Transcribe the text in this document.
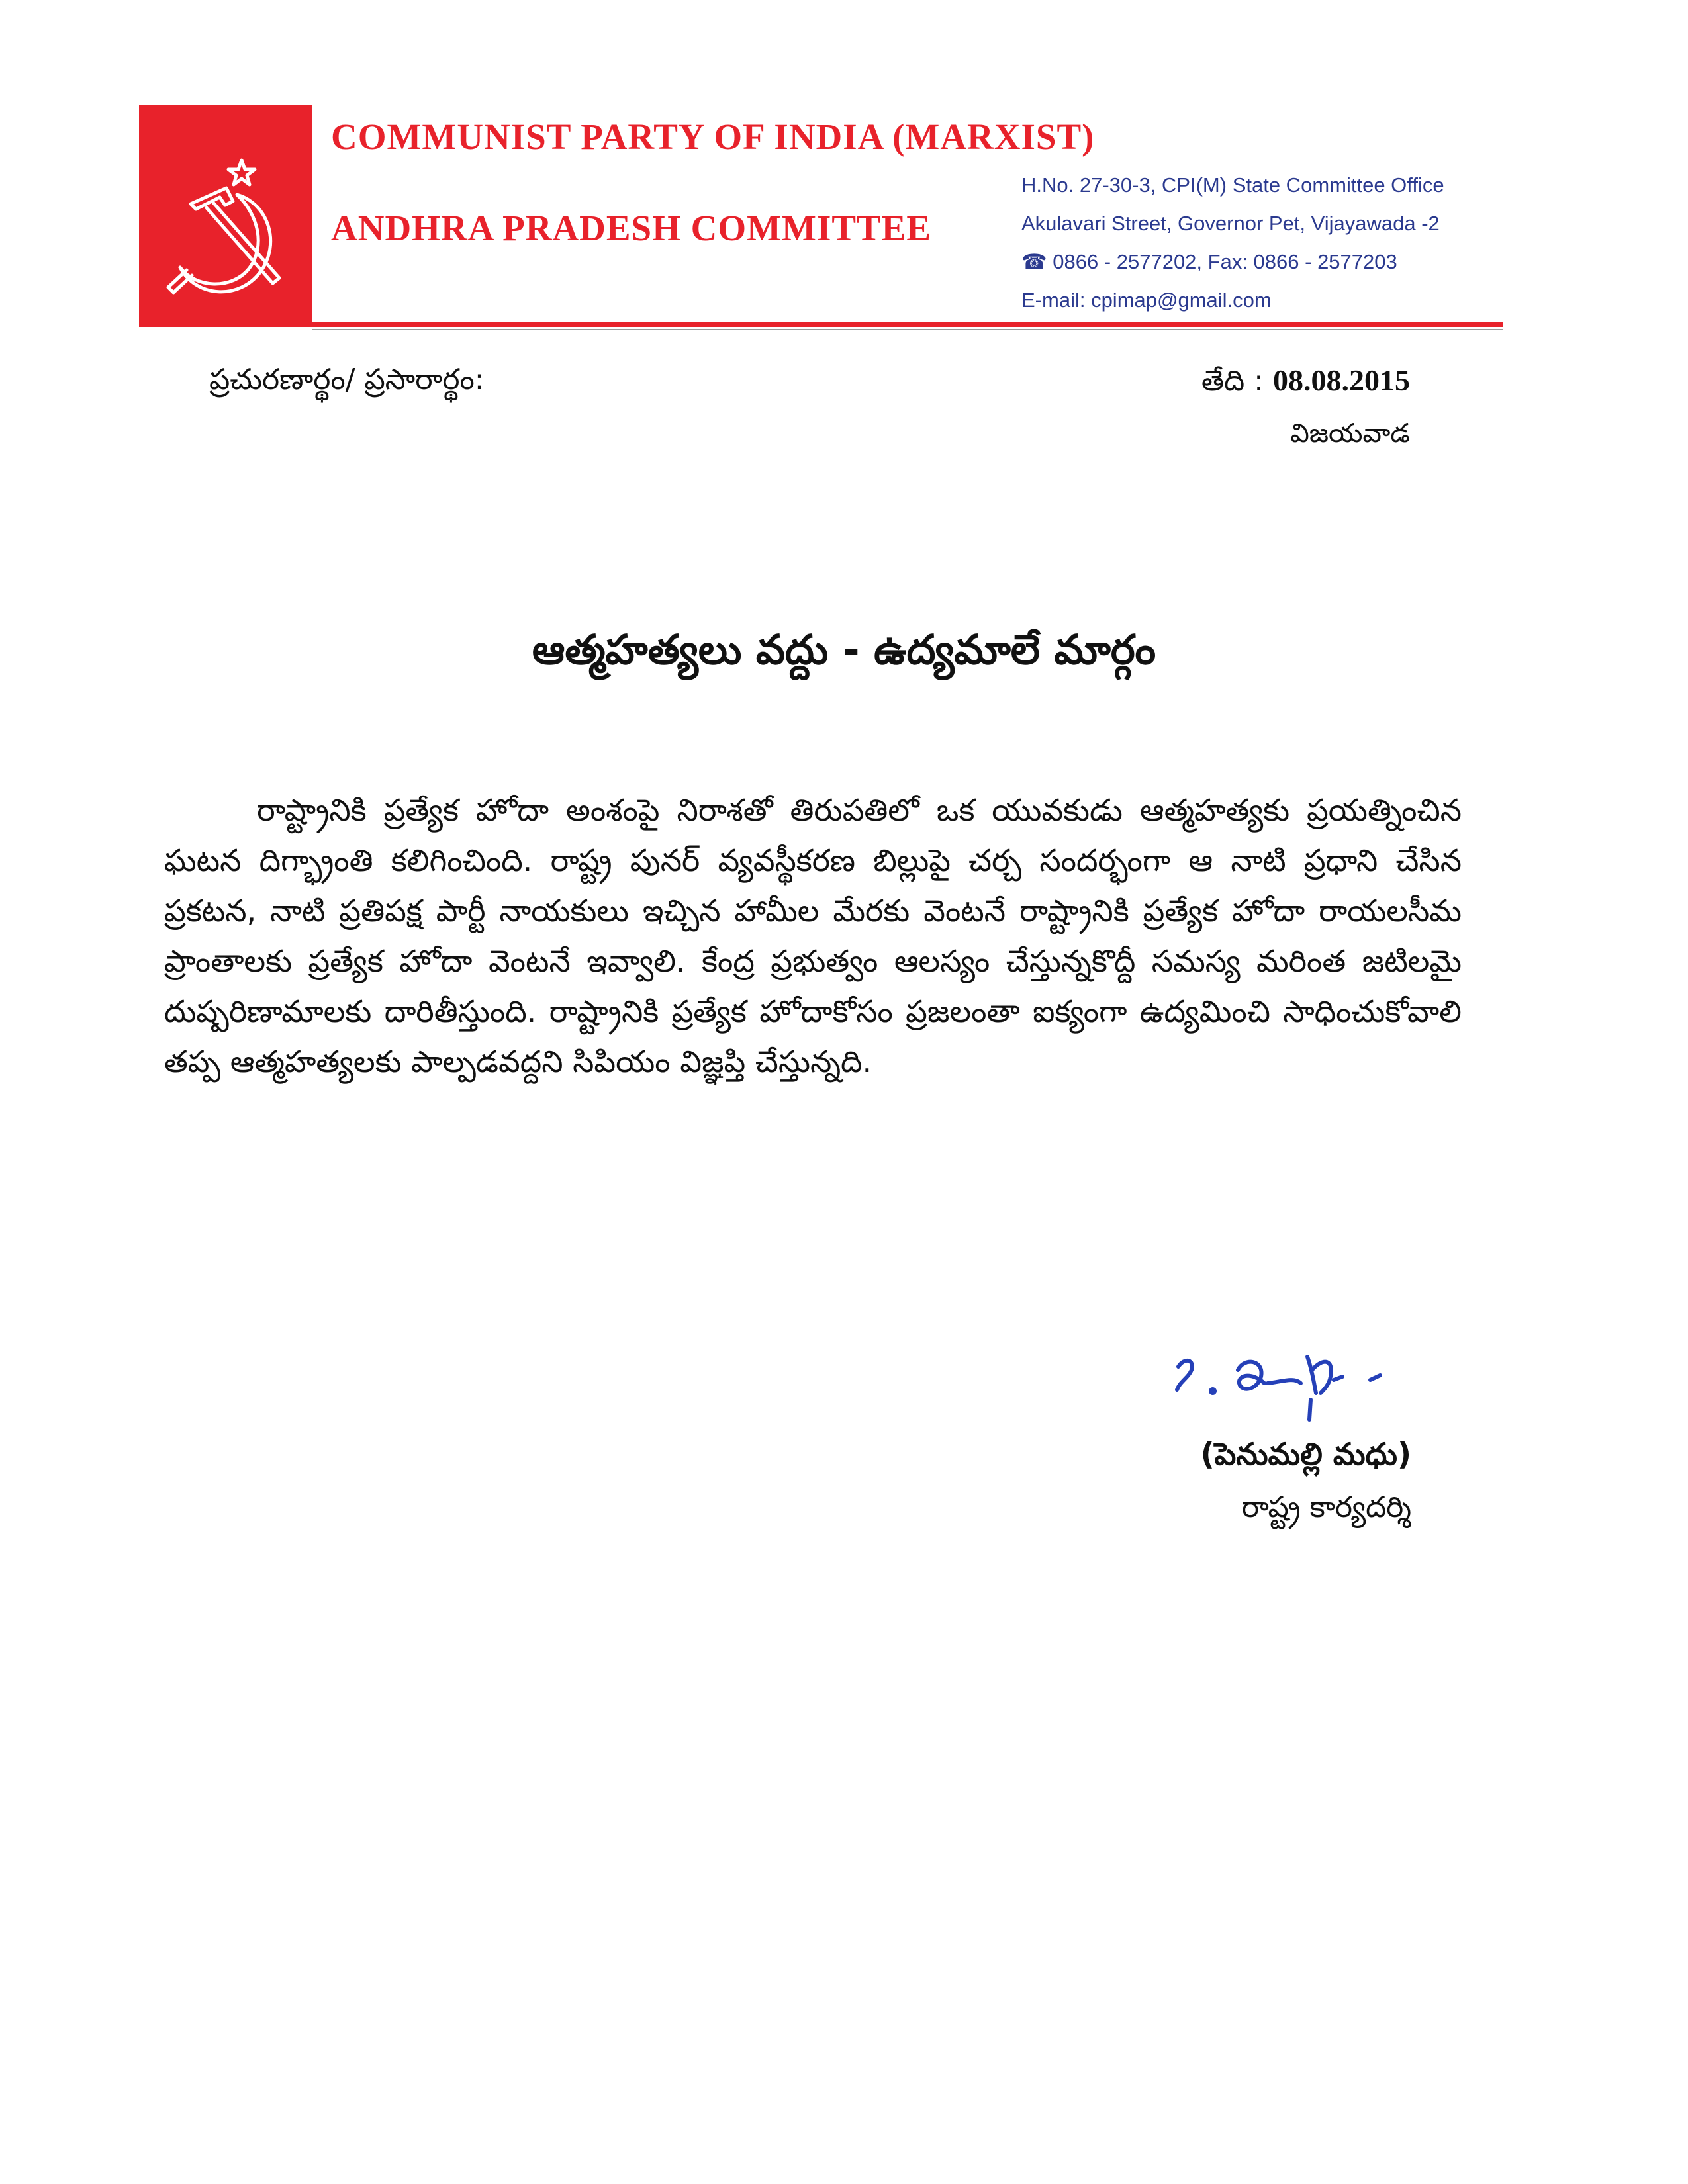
COMMUNIST PARTY OF INDIA (MARXIST)
ANDHRA PRADESH COMMITTEE
H.No. 27-30-3, CPI(M) State Committee Office
Akulavari Street, Governor Pet, Vijayawada -2
☎ 0866 - 2577202, Fax: 0866 - 2577203
E-mail: cpimap@gmail.com
ప్రచురణార్థం/ ప్రసారార్థం:	తేది : 08.08.2015
విజయవాడ
ఆత్మహత్యలు వద్దు - ఉద్యమాలే మార్గం
రాష్ట్రానికి ప్రత్యేక హోదా అంశంపై నిరాశతో తిరుపతిలో ఒక యువకుడు ఆత్మహత్యకు ప్రయత్నించిన ఘటన దిగ్భ్రాంతి కలిగించింది. రాష్ట్ర పునర్ వ్యవస్థీకరణ బిల్లుపై చర్చ సందర్భంగా ఆ నాటి ప్రధాని చేసిన ప్రకటన, నాటి ప్రతిపక్ష పార్టీ నాయకులు ఇచ్చిన హామీల మేరకు వెంటనే రాష్ట్రానికి ప్రత్యేక హోదా రాయలసీమ ప్రాంతాలకు ప్రత్యేక హోదా వెంటనే ఇవ్వాలి. కేంద్ర ప్రభుత్వం ఆలస్యం చేస్తున్నకొద్దీ సమస్య మరింత జటిలమై దుష్పరిణామాలకు దారితీస్తుంది. రాష్ట్రానికి ప్రత్యేక హోదాకోసం ప్రజలంతా ఐక్యంగా ఉద్యమించి సాధించుకోవాలి తప్ప ఆత్మహత్యలకు పాల్పడవద్దని సిపియం విజ్ఞప్తి చేస్తున్నది.
(పెనుమల్లి మధు)
రాష్ట్ర కార్యదర్శి
